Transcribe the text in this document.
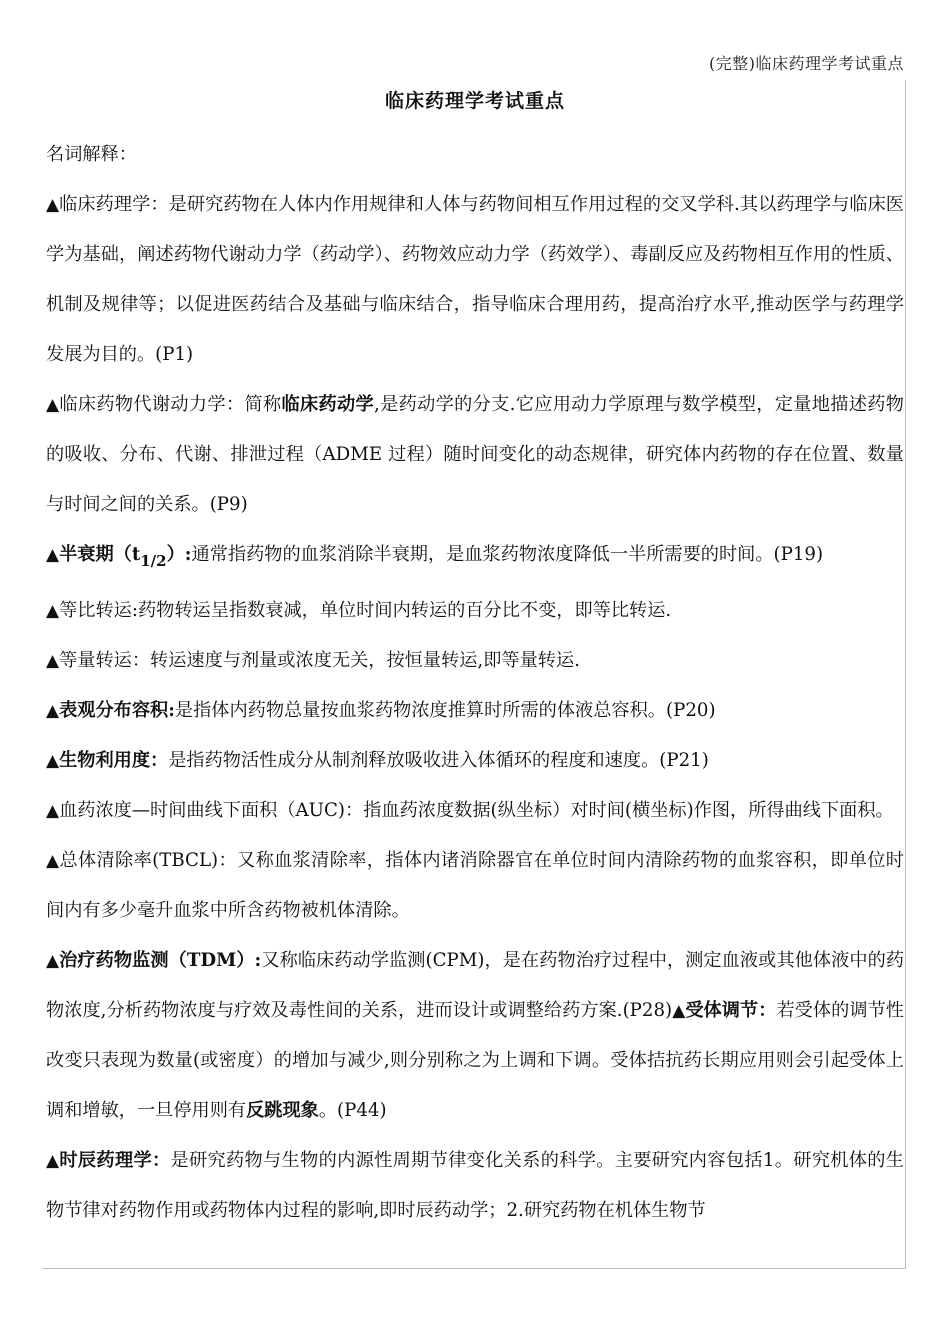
(完整)临床药理学考试重点
临床药理学考试重点
名词解释：
▲临床药理学：是研究药物在人体内作用规律和人体与药物间相互作用过程的交叉学科.其以药理学与临床医学为基础，阐述药物代谢动力学（药动学）、药物效应动力学（药效学）、毒副反应及药物相互作用的性质、机制及规律等；以促进医药结合及基础与临床结合，指导临床合理用药，提高治疗水平,推动医学与药理学发展为目的。(P1)
▲临床药物代谢动力学：简称临床药动学,是药动学的分支.它应用动力学原理与数学模型，定量地描述药物的吸收、分布、代谢、排泄过程（ADME 过程）随时间变化的动态规律，研究体内药物的存在位置、数量与时间之间的关系。(P9)
▲半衰期$(t_{1/2})$:通常指药物的血浆消除半衰期，是血浆药物浓度降低一半所需要的时间。(P19)
▲等比转运:药物转运呈指数衰减，单位时间内转运的百分比不变，即等比转运.
▲等量转运：转运速度与剂量或浓度无关，按恒量转运,即等量转运.
▲表观分布容积:是指体内药物总量按血浆药物浓度推算时所需的体液总容积。(P20)
▲生物利用度：是指药物活性成分从制剂释放吸收进入体循环的程度和速度。(P21)
▲血药浓度—时间曲线下面积（AUC)：指血药浓度数据(纵坐标）对时间(横坐标)作图，所得曲线下面积。
▲总体清除率(TBCL)：又称血浆清除率，指体内诸消除器官在单位时间内清除药物的血浆容积，即单位时间内有多少毫升血浆中所含药物被机体清除。
▲治疗药物监测（TDM）:又称临床药动学监测(CPM)，是在药物治疗过程中，测定血液或其他体液中的药物浓度,分析药物浓度与疗效及毒性间的关系，进而设计或调整给药方案.(P28)▲受体调节：若受体的调节性改变只表现为数量(或密度）的增加与减少,则分别称之为上调和下调。受体拮抗药长期应用则会引起受体上调和增敏，一旦停用则有反跳现象。(P44)
▲时辰药理学：是研究药物与生物的内源性周期节律变化关系的科学。主要研究内容包括1。研究机体的生物节律对药物作用或药物体内过程的影响,即时辰药动学；2.研究药物在机体生物节
